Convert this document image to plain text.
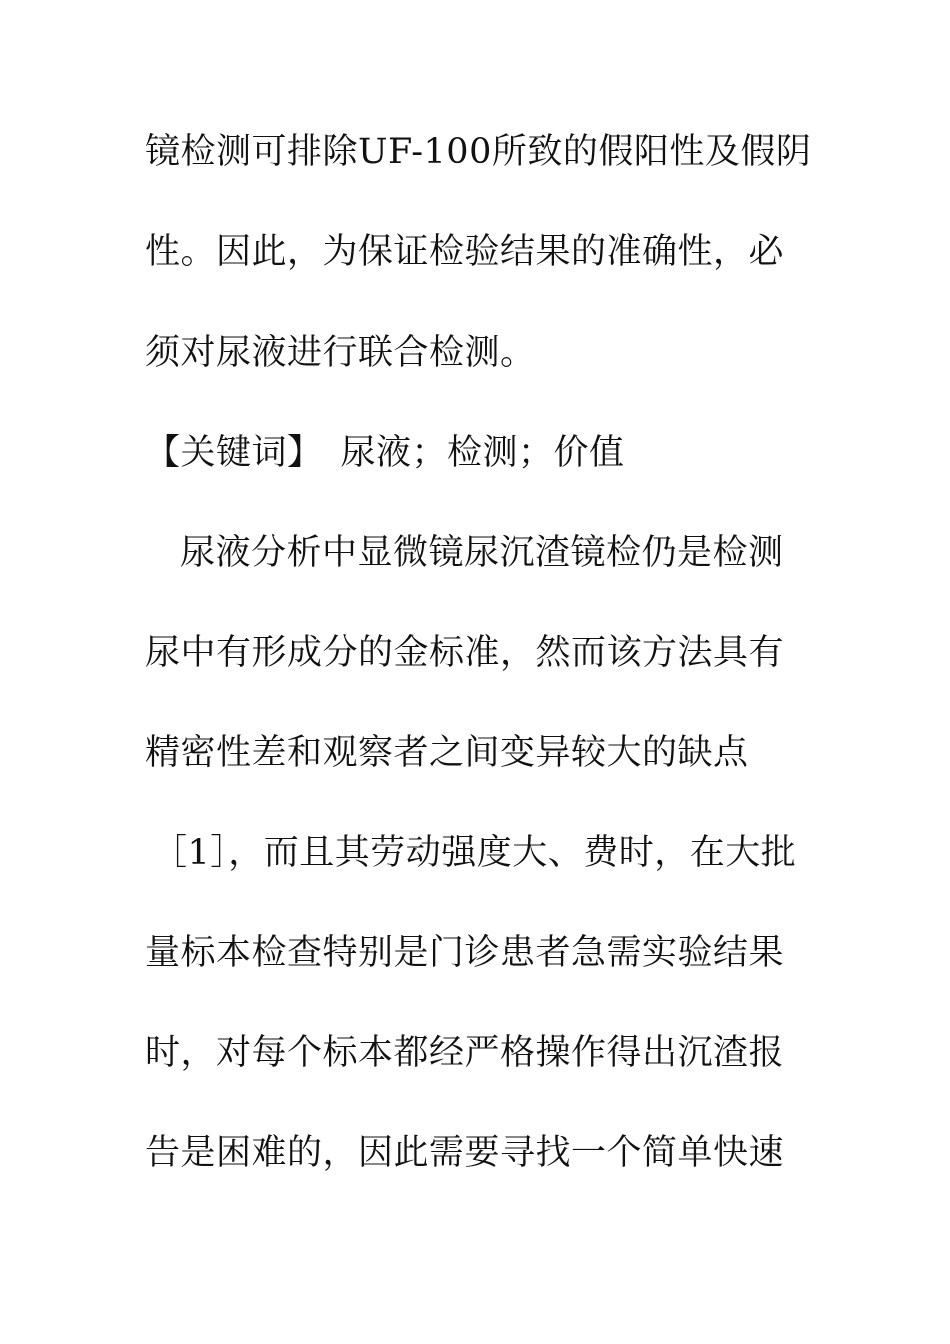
镜检测可排除UF-100所致的假阳性及假阴
性。因此，为保证检验结果的准确性，必
须对尿液进行联合检测。
【关键词】 尿液；检测；价值
尿液分析中显微镜尿沉渣镜检仍是检测
尿中有形成分的金标准，然而该方法具有
精密性差和观察者之间变异较大的缺点
［1］，而且其劳动强度大、费时，在大批
量标本检查特别是门诊患者急需实验结果
时，对每个标本都经严格操作得出沉渣报
告是困难的，因此需要寻找一个简单快速
